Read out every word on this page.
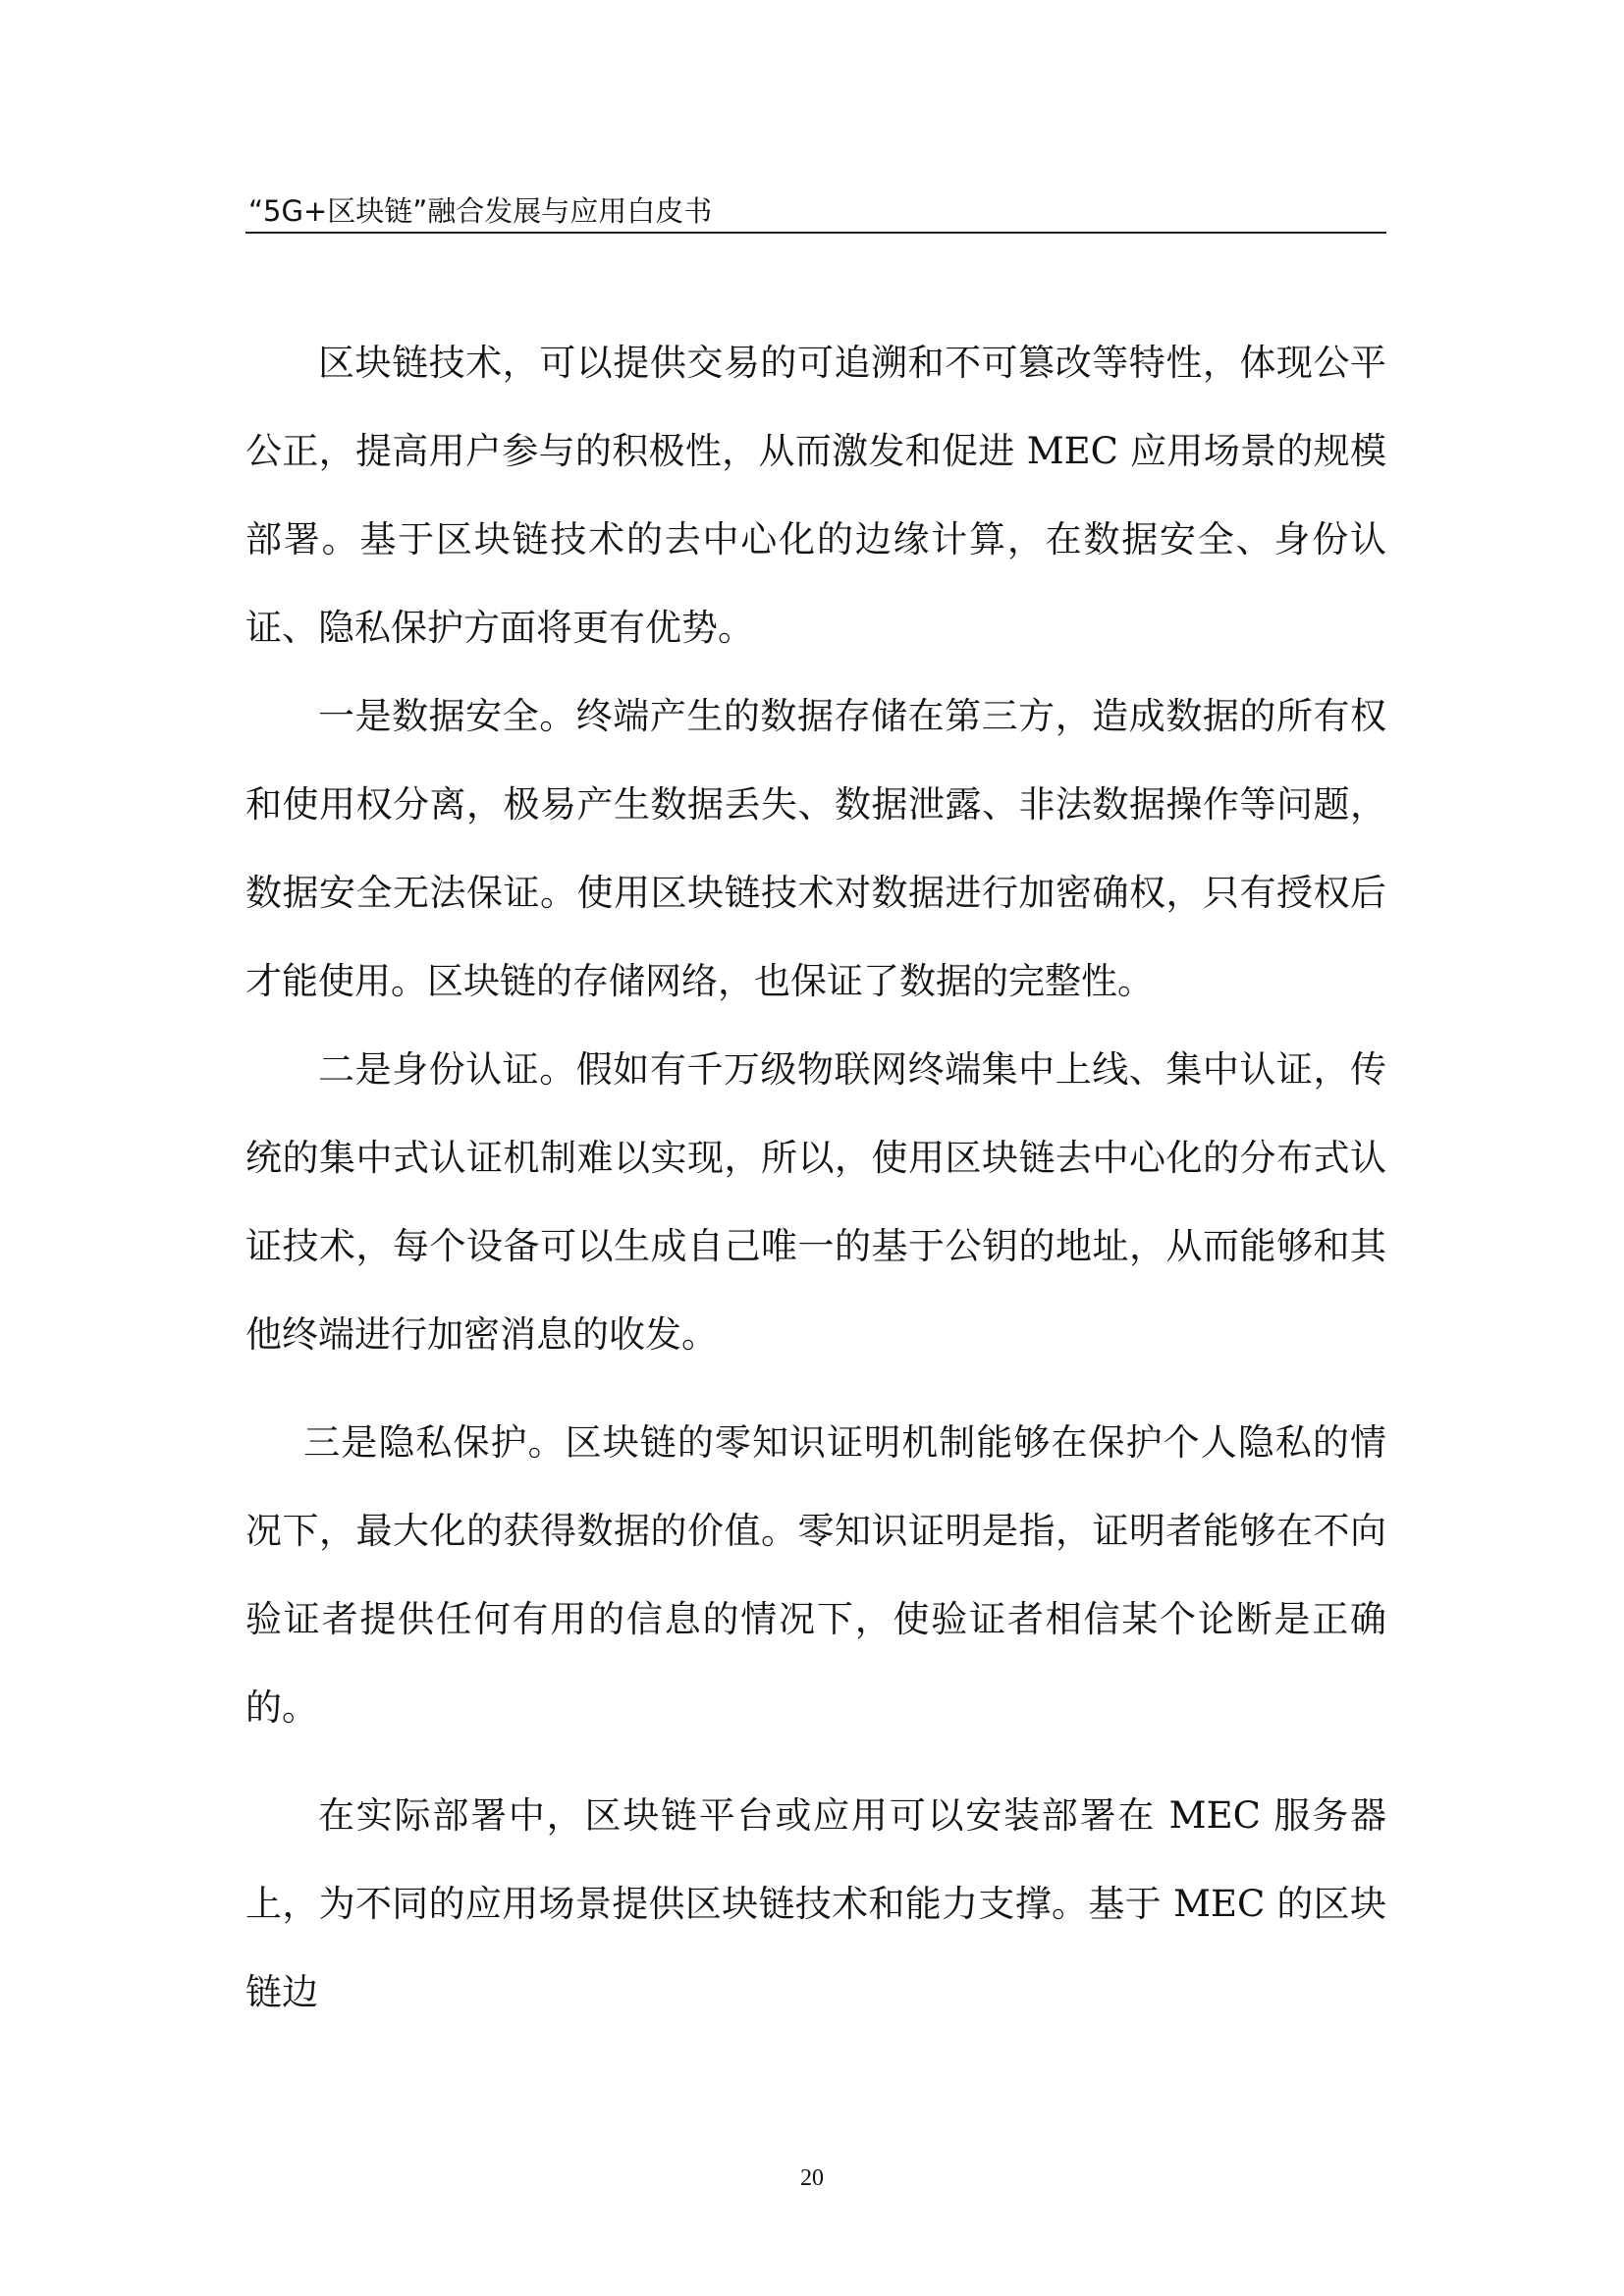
“5G+区块链”融合发展与应用白皮书

区块链技术，可以提供交易的可追溯和不可篡改等特性，体现公平公正，提高用户参与的积极性，从而激发和促进 MEC 应用场景的规模部署。基于区块链技术的去中心化的边缘计算，在数据安全、身份认证、隐私保护方面将更有优势。

一是数据安全。终端产生的数据存储在第三方，造成数据的所有权和使用权分离，极易产生数据丢失、数据泄露、非法数据操作等问题，数据安全无法保证。使用区块链技术对数据进行加密确权，只有授权后才能使用。区块链的存储网络，也保证了数据的完整性。

二是身份认证。假如有千万级物联网终端集中上线、集中认证，传统的集中式认证机制难以实现，所以，使用区块链去中心化的分布式认证技术，每个设备可以生成自己唯一的基于公钥的地址，从而能够和其他终端进行加密消息的收发。

三是隐私保护。区块链的零知识证明机制能够在保护个人隐私的情况下，最大化的获得数据的价值。零知识证明是指，证明者能够在不向验证者提供任何有用的信息的情况下，使验证者相信某个论断是正确的。

在实际部署中，区块链平台或应用可以安装部署在 MEC 服务器上，为不同的应用场景提供区块链技术和能力支撑。基于 MEC 的区块链边

20
